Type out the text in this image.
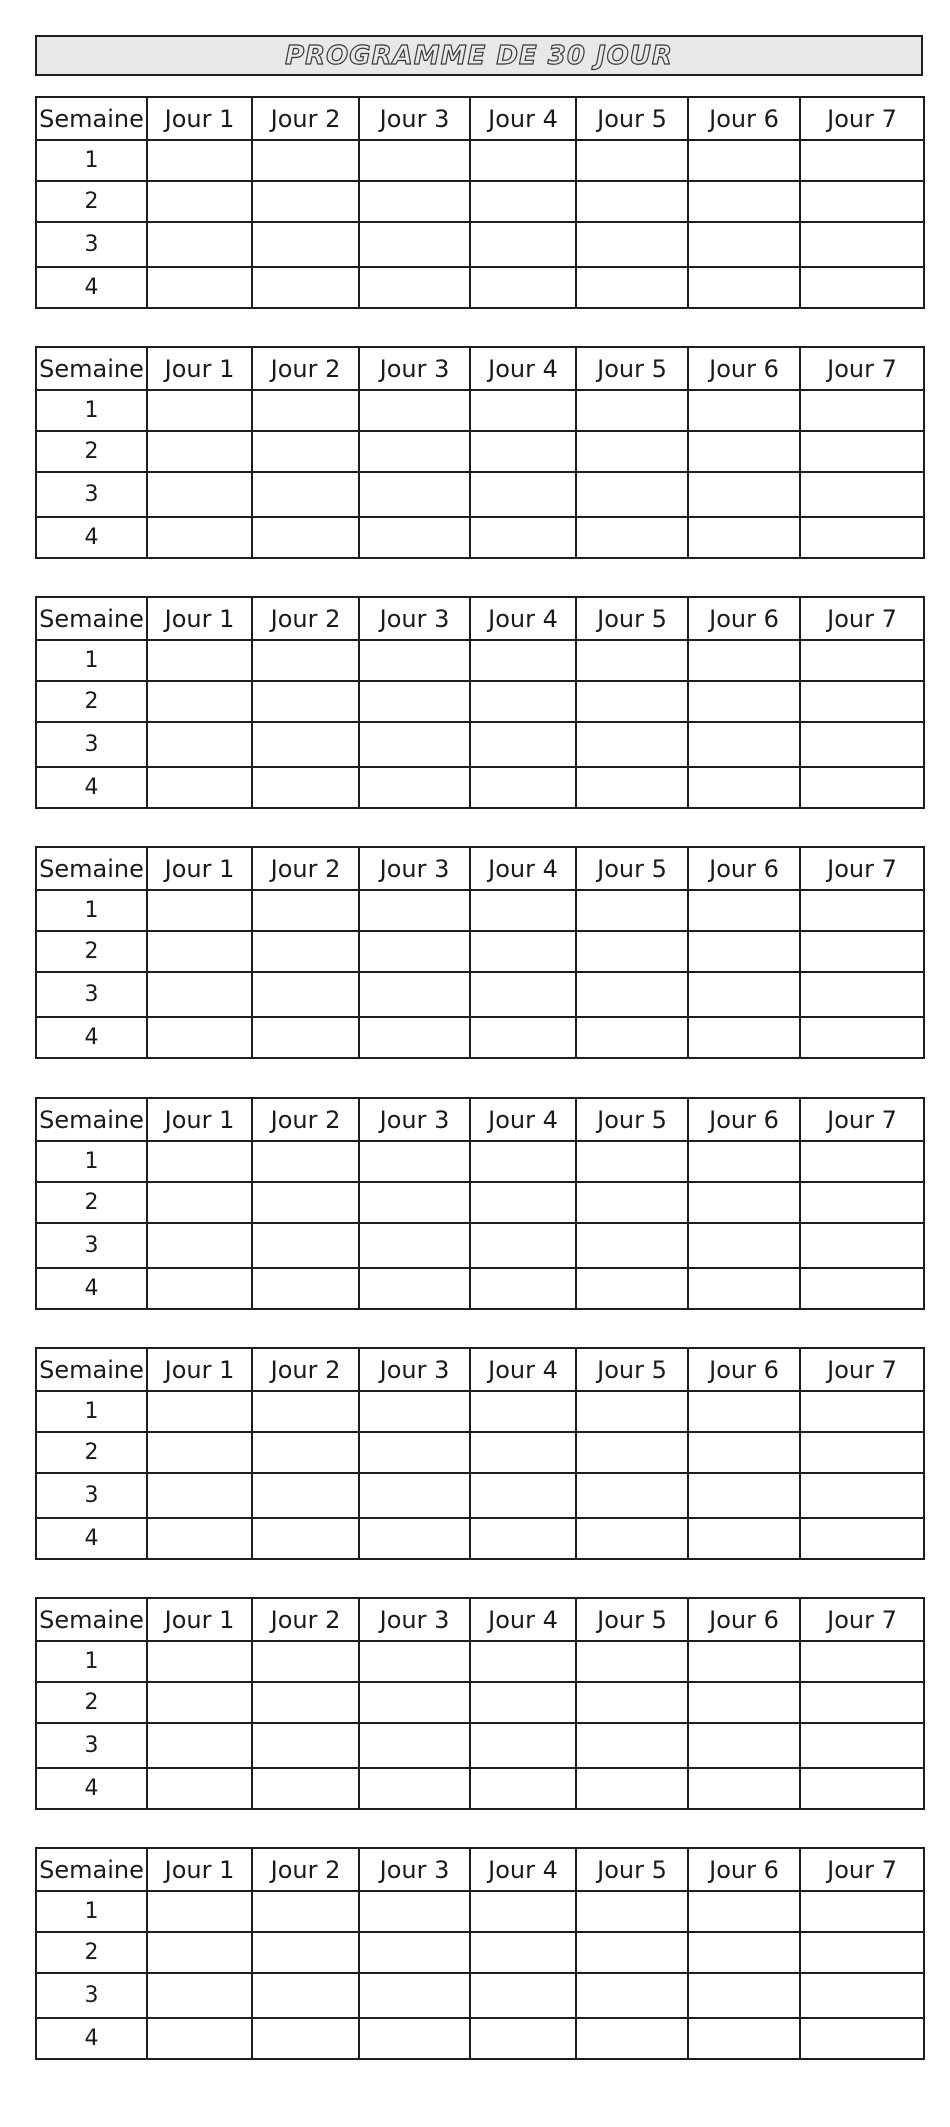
PROGRAMME DE 30 JOUR
Semaine	Jour 1	Jour 2	Jour 3	Jour 4	Jour 5	Jour 6	Jour 7
1							
2							
3							
4							
Semaine	Jour 1	Jour 2	Jour 3	Jour 4	Jour 5	Jour 6	Jour 7
1							
2							
3							
4							
Semaine	Jour 1	Jour 2	Jour 3	Jour 4	Jour 5	Jour 6	Jour 7
1							
2							
3							
4							
Semaine	Jour 1	Jour 2	Jour 3	Jour 4	Jour 5	Jour 6	Jour 7
1							
2							
3							
4							
Semaine	Jour 1	Jour 2	Jour 3	Jour 4	Jour 5	Jour 6	Jour 7
1							
2							
3							
4							
Semaine	Jour 1	Jour 2	Jour 3	Jour 4	Jour 5	Jour 6	Jour 7
1							
2							
3							
4							
Semaine	Jour 1	Jour 2	Jour 3	Jour 4	Jour 5	Jour 6	Jour 7
1							
2							
3							
4							
Semaine	Jour 1	Jour 2	Jour 3	Jour 4	Jour 5	Jour 6	Jour 7
1							
2							
3							
4							
